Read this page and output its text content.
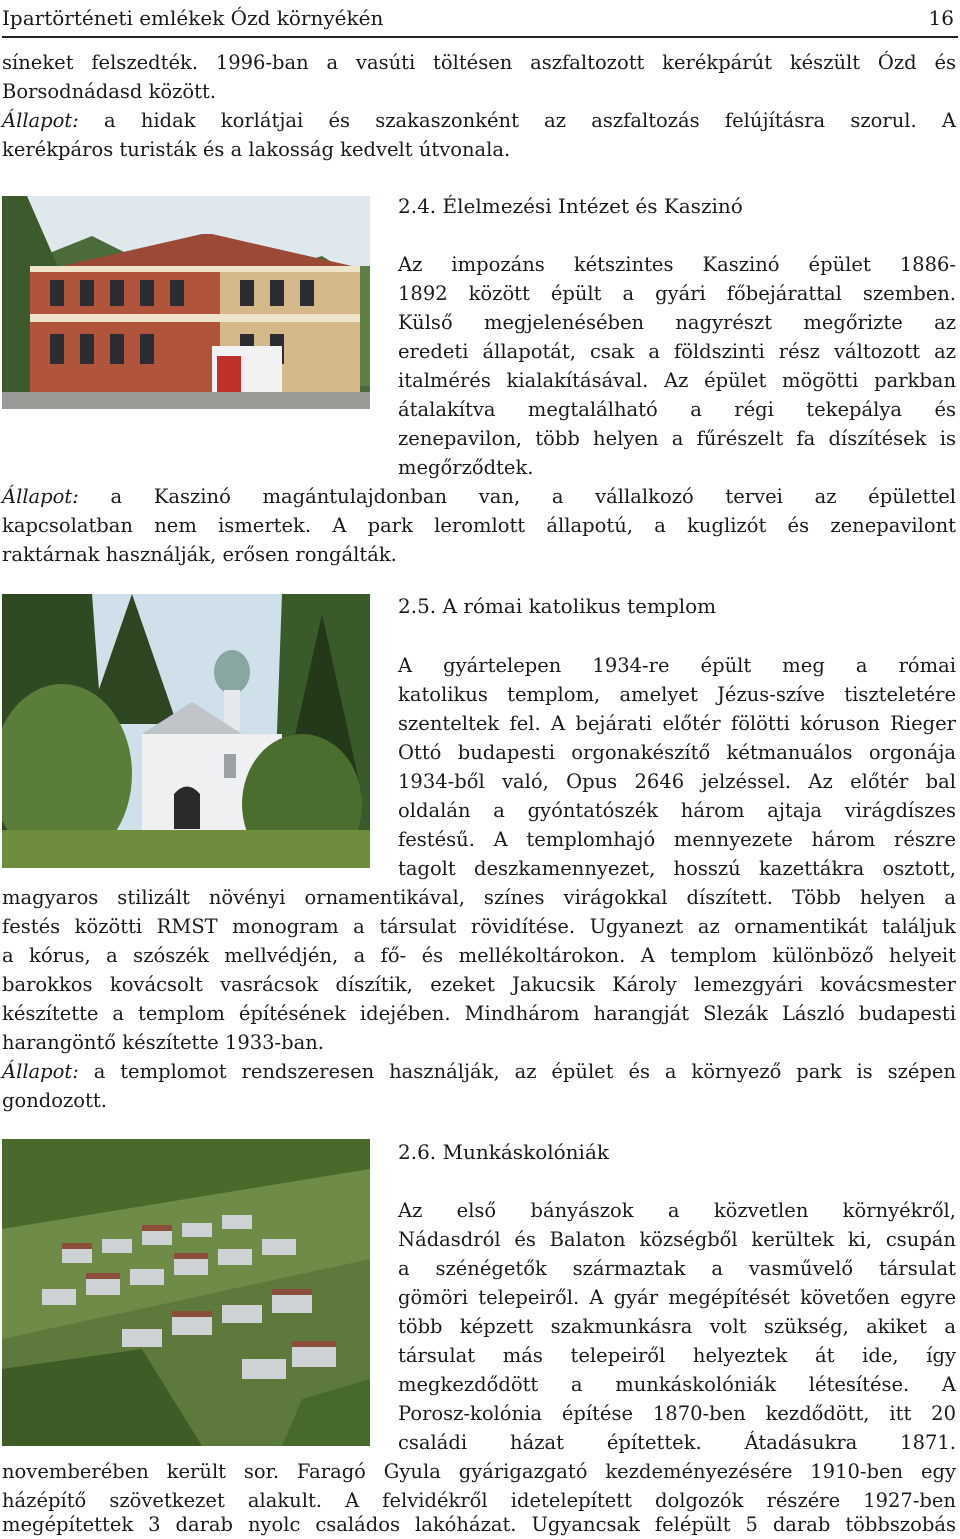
Ipartörténeti emlékek Ózd környékén	16
síneket felszedték. 1996-ban a vasúti töltésen aszfaltozott kerékpárút készült Ózd és
Borsodnádasd között.
Állapot: a hidak korlátjai és szakaszonként az aszfaltozás felújításra szorul. A
kerékpáros turisták és a lakosság kedvelt útvonala.
2.4. Élelmezési Intézet és Kaszinó
Az impozáns kétszintes Kaszinó épület 1886-
1892 között épült a gyári főbejárattal szemben.
Külső megjelenésében nagyrészt megőrizte az
eredeti állapotát, csak a földszinti rész változott az
italmérés kialakításával. Az épület mögötti parkban
átalakítva megtalálható a régi tekepálya és
zenepavilon, több helyen a fűrészelt fa díszítések is
megőrződtek.
Állapot: a Kaszinó magántulajdonban van, a vállalkozó tervei az épülettel
kapcsolatban nem ismertek. A park leromlott állapotú, a kuglizót és zenepavilont
raktárnak használják, erősen rongálták.
2.5. A római katolikus templom
A gyártelepen 1934-re épült meg a római
katolikus templom, amelyet Jézus-szíve tiszteletére
szenteltek fel. A bejárati előtér fölötti kóruson Rieger
Ottó budapesti orgonakészítő kétmanuálos orgonája
1934-ből való, Opus 2646 jelzéssel. Az előtér bal
oldalán a gyóntatószék három ajtaja virágdíszes
festésű. A templomhajó mennyezete három részre
tagolt deszkamennyezet, hosszú kazettákra osztott,
magyaros stilizált növényi ornamentikával, színes virágokkal díszített. Több helyen a
festés közötti RMST monogram a társulat rövidítése. Ugyanezt az ornamentikát találjuk
a kórus, a szószék mellvédjén, a fő- és mellékoltárokon. A templom különböző helyeit
barokkos kovácsolt vasrácsok díszítik, ezeket Jakucsik Károly lemezgyári kovácsmester
készítette a templom építésének idejében. Mindhárom harangját Slezák László budapesti
harangöntő készítette 1933-ban.
Állapot: a templomot rendszeresen használják, az épület és a környező park is szépen
gondozott.
2.6. Munkáskolóniák
Az első bányászok a közvetlen környékről,
Nádasdról és Balaton községből kerültek ki, csupán
a szénégetők származtak a vasművelő társulat
gömöri telepeiről. A gyár megépítését követően egyre
több képzett szakmunkásra volt szükség, akiket a
társulat más telepeiről helyeztek át ide, így
megkezdődött a munkáskolóniák létesítése. A
Porosz-kolónia építése 1870-ben kezdődött, itt 20
családi házat építettek. Átadásukra 1871.
novemberében került sor. Faragó Gyula gyárigazgató kezdeményezésére 1910-ben egy
házépítő szövetkezet alakult. A felvidékről idetelepített dolgozók részére 1927-ben
megépítettek 3 darab nyolc családos lakóházat. Ugyancsak felépült 5 darab többszobás
